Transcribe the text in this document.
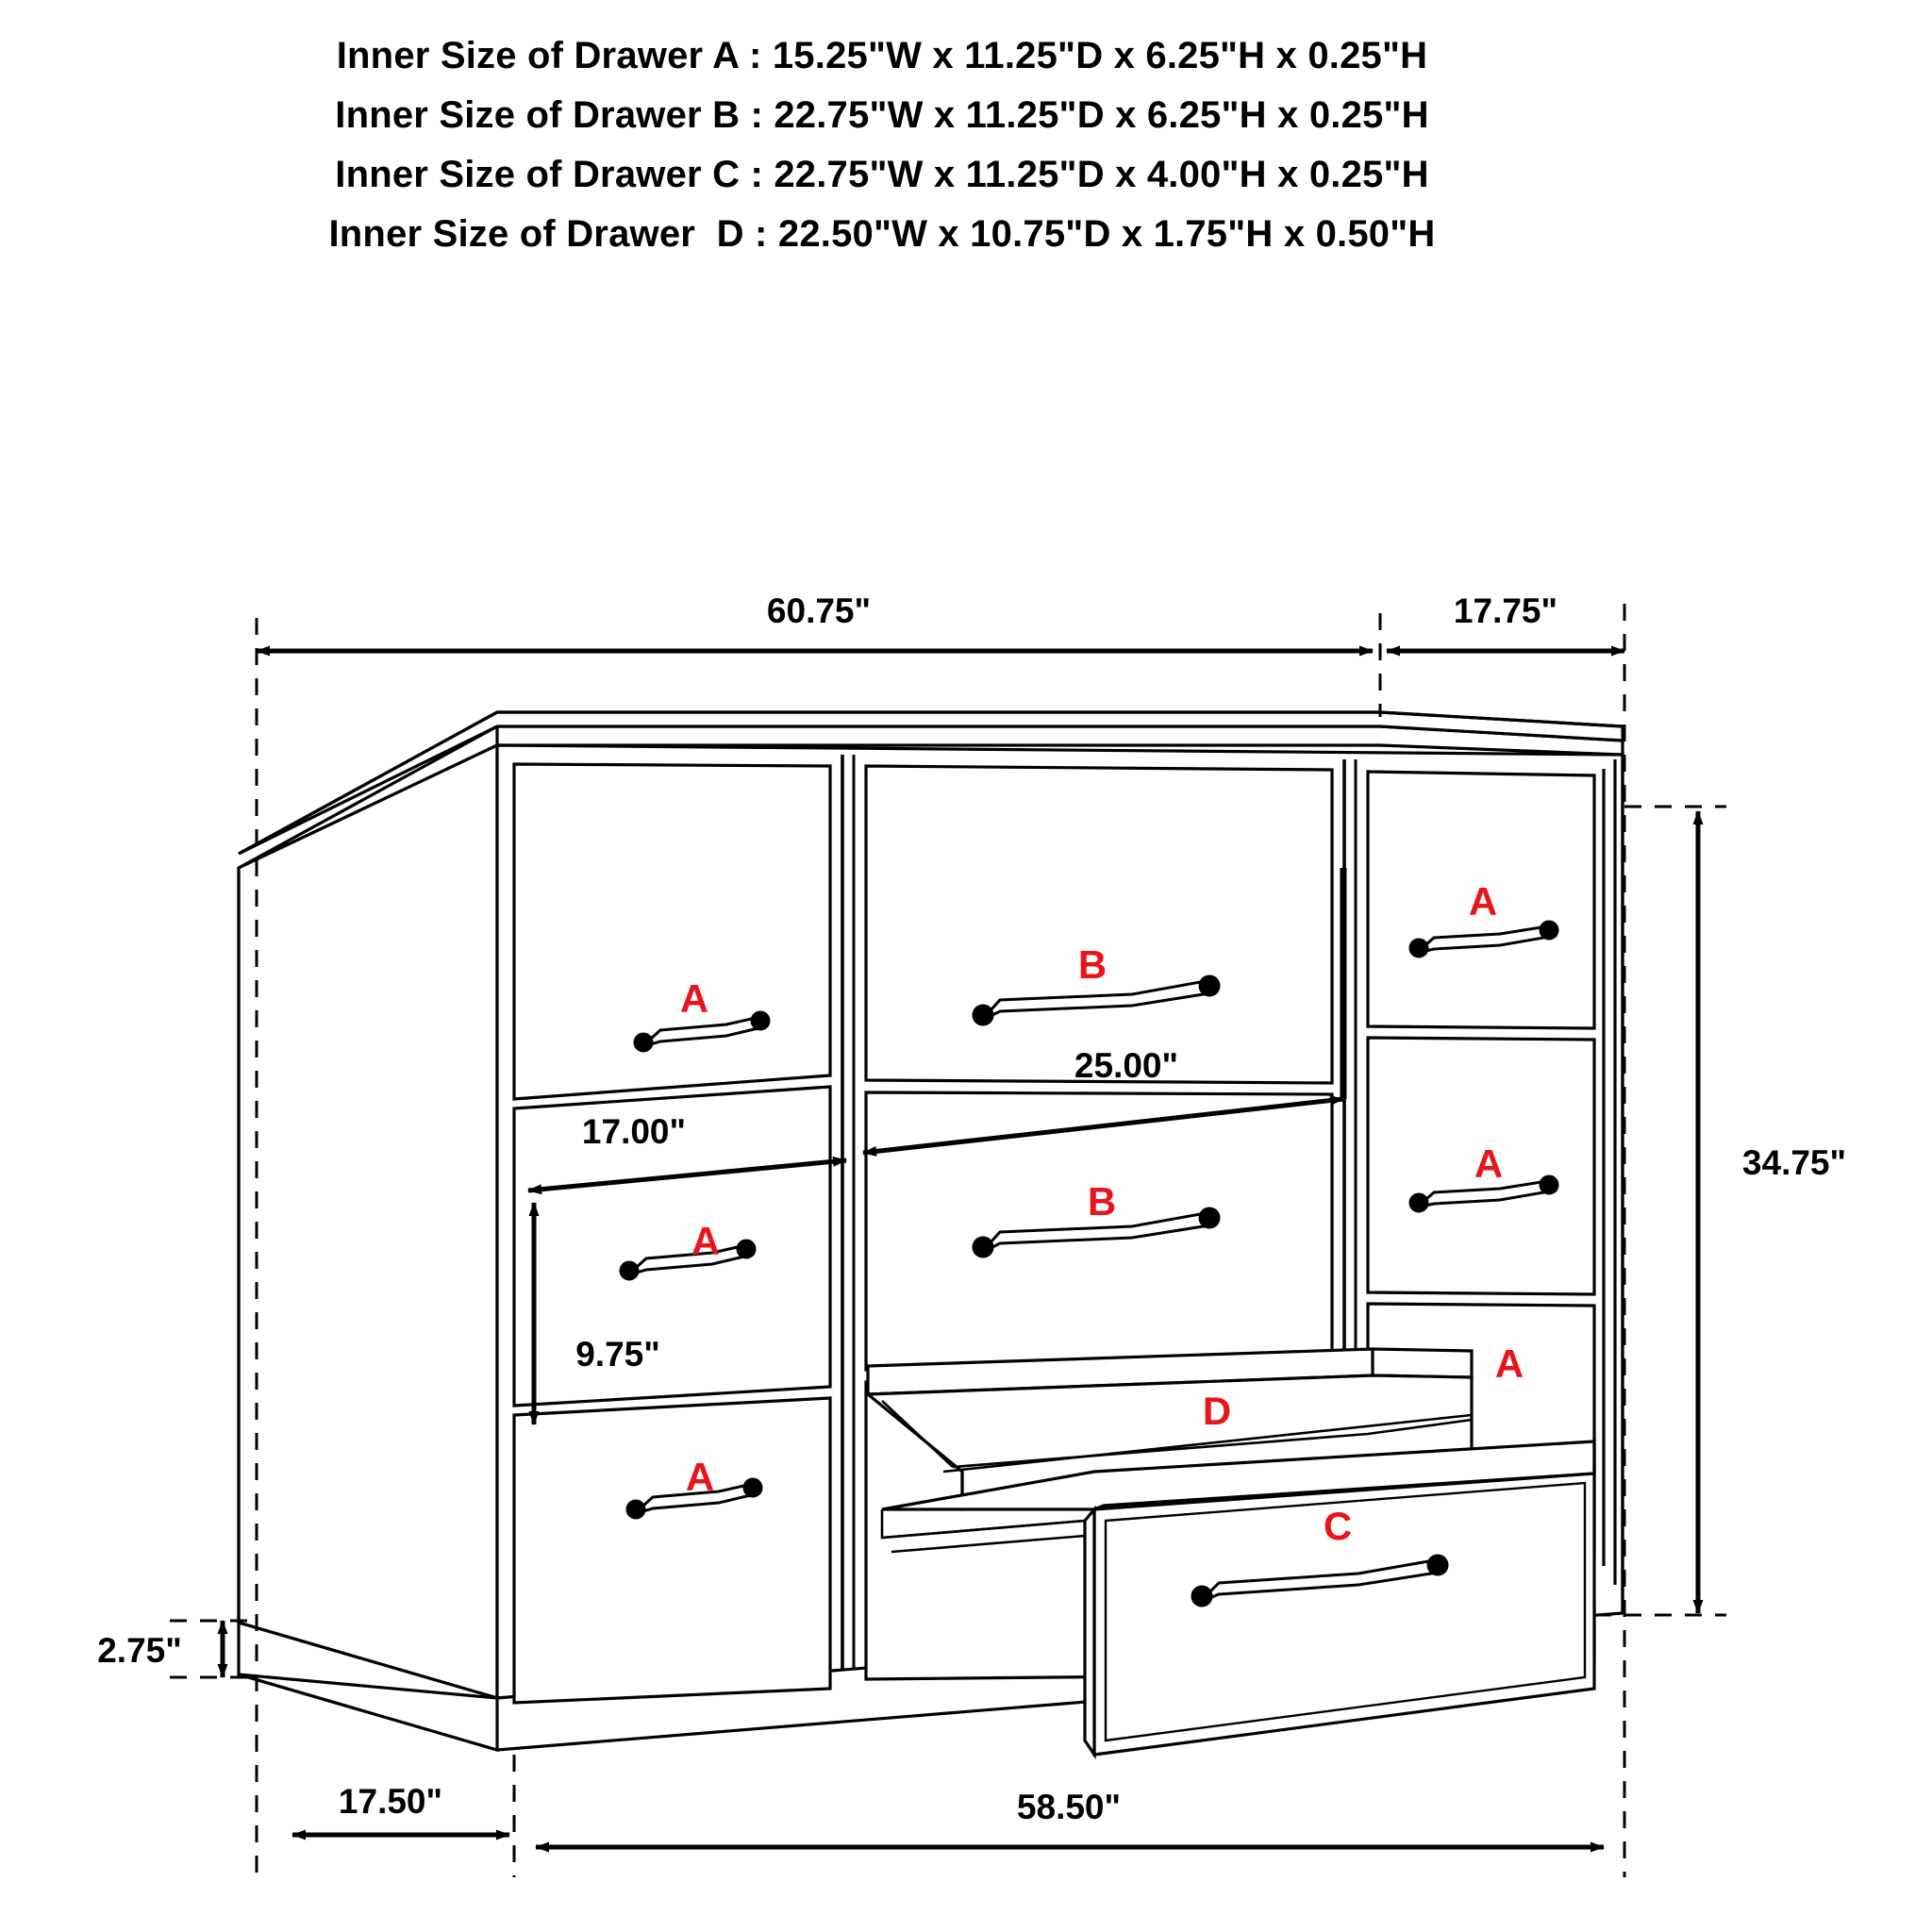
Inner Size of Drawer A : 15.25"W x 11.25"D x 6.25"H x 0.25"H
Inner Size of Drawer B : 22.75"W x 11.25"D x 6.25"H x 0.25"H
Inner Size of Drawer C : 22.75"W x 11.25"D x 4.00"H x 0.25"H
Inner Size of Drawer  D : 22.50"W x 10.75"D x 1.75"H x 0.50"H
A
B
A
A
B
A
A
D
C
A
60.75"	17.75"
34.75"
17.00"
25.00"
9.75"
2.75"
17.50"	58.50"
